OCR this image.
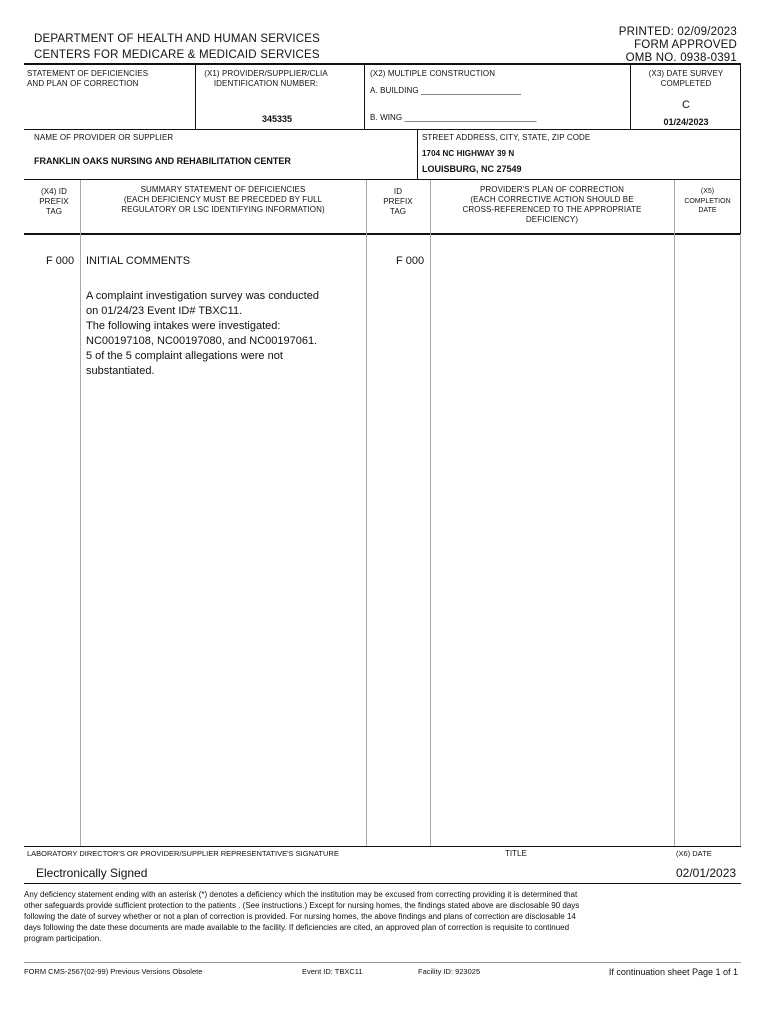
DEPARTMENT OF HEALTH AND HUMAN SERVICES
CENTERS FOR MEDICARE & MEDICAID SERVICES
PRINTED: 02/09/2023
FORM APPROVED
OMB NO. 0938-0391
STATEMENT OF DEFICIENCIES
AND PLAN OF CORRECTION
(X1) PROVIDER/SUPPLIER/CLIA
IDENTIFICATION NUMBER:
345335
(X2) MULTIPLE CONSTRUCTION
A. BUILDING ______________________
B. WING _____________________________
(X3) DATE SURVEY
COMPLETED
C
01/24/2023
NAME OF PROVIDER OR SUPPLIER
FRANKLIN OAKS NURSING AND REHABILITATION CENTER
STREET ADDRESS, CITY, STATE, ZIP CODE
1704 NC HIGHWAY 39 N
LOUISBURG, NC 27549
(X4) ID
PREFIX
TAG
SUMMARY STATEMENT OF DEFICIENCIES
(EACH DEFICIENCY MUST BE PRECEDED BY FULL
REGULATORY OR LSC IDENTIFYING INFORMATION)
ID
PREFIX
TAG
PROVIDER'S PLAN OF CORRECTION
(EACH CORRECTIVE ACTION SHOULD BE
CROSS-REFERENCED TO THE APPROPRIATE
DEFICIENCY)
(X5)
COMPLETION
DATE
F 000 INITIAL COMMENTS
A complaint investigation survey was conducted
on 01/24/23 Event ID# TBXC11.
The following intakes were investigated:
NC00197108, NC00197080, and NC00197061.
5 of the 5 complaint allegations were not
substantiated.
F 000
LABORATORY DIRECTOR'S OR PROVIDER/SUPPLIER REPRESENTATIVE'S SIGNATURE
Electronically Signed
TITLE	(X6) DATE
02/01/2023
Any deficiency statement ending with an asterisk (*) denotes a deficiency which the institution may be excused from correcting providing it is determined that
other safeguards provide sufficient protection to the patients . (See instructions.) Except for nursing homes, the findings stated above are disclosable 90 days
following the date of survey whether or not a plan of correction is provided. For nursing homes, the above findings and plans of correction are disclosable 14
days following the date these documents are made available to the facility. If deficiencies are cited, an approved plan of correction is requisite to continued
program participation.
FORM CMS-2567(02-99) Previous Versions Obsolete	Event ID: TBXC11	Facility ID: 923025	If continuation sheet Page 1 of 1
